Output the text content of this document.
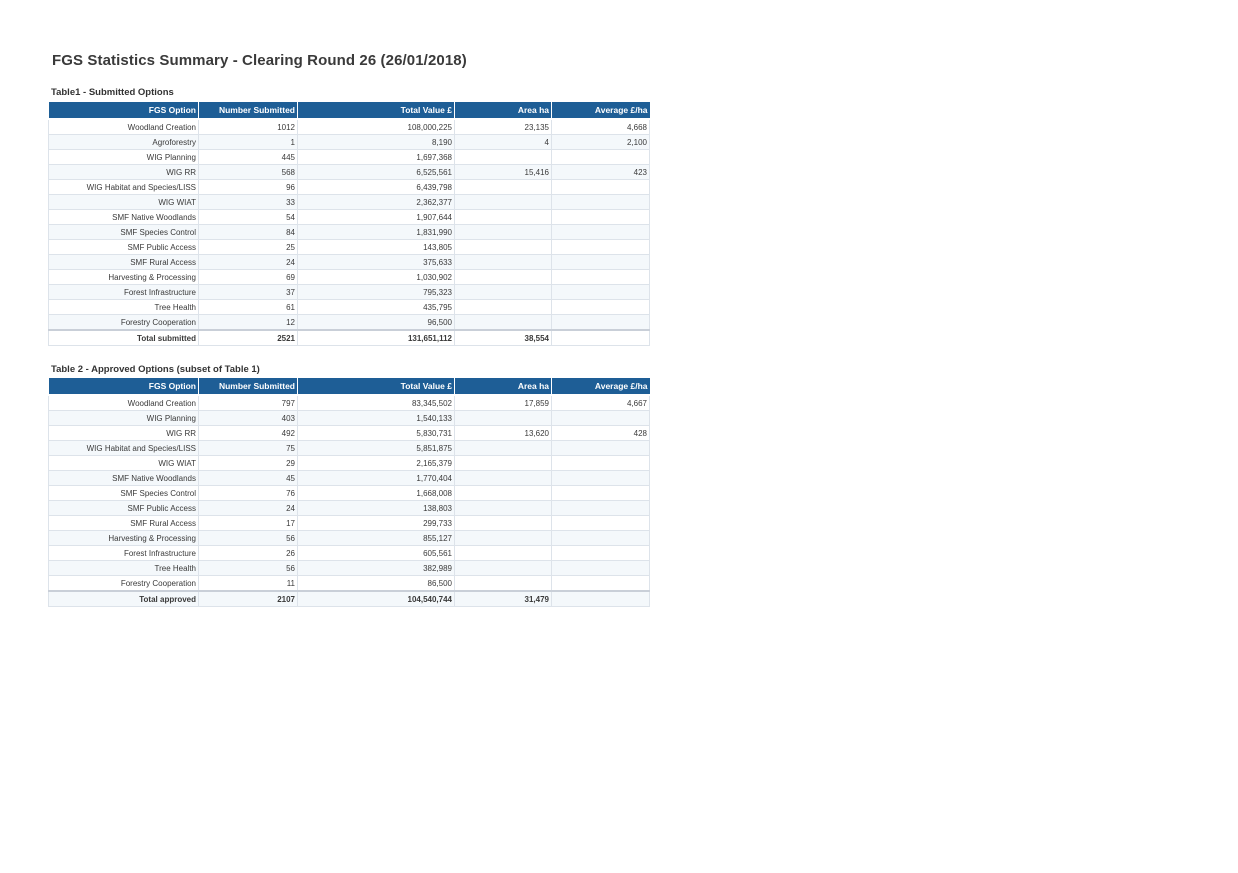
FGS Statistics Summary - Clearing Round 26 (26/01/2018)
Table1 - Submitted Options
FGS Option	Number Submitted	Total Value £	Area ha	Average £/ha
Woodland Creation	1012	108,000,225	23,135	4,668
Agroforestry	1	8,190	4	2,100
WIG Planning	445	1,697,368		
WIG RR	568	6,525,561	15,416	423
WIG Habitat and Species/LISS	96	6,439,798		
WIG WIAT	33	2,362,377		
SMF Native Woodlands	54	1,907,644		
SMF Species Control	84	1,831,990		
SMF Public Access	25	143,805		
SMF Rural Access	24	375,633		
Harvesting & Processing	69	1,030,902		
Forest Infrastructure	37	795,323		
Tree Health	61	435,795		
Forestry Cooperation	12	96,500		
Total submitted	2521	131,651,112	38,554	
Table 2 - Approved Options (subset of Table 1)
FGS Option	Number Submitted	Total Value £	Area ha	Average £/ha
Woodland Creation	797	83,345,502	17,859	4,667
WIG Planning	403	1,540,133		
WIG RR	492	5,830,731	13,620	428
WIG Habitat and Species/LISS	75	5,851,875		
WIG WIAT	29	2,165,379		
SMF Native Woodlands	45	1,770,404		
SMF Species Control	76	1,668,008		
SMF Public Access	24	138,803		
SMF Rural Access	17	299,733		
Harvesting & Processing	56	855,127		
Forest Infrastructure	26	605,561		
Tree Health	56	382,989		
Forestry Cooperation	11	86,500		
Total approved	2107	104,540,744	31,479	
